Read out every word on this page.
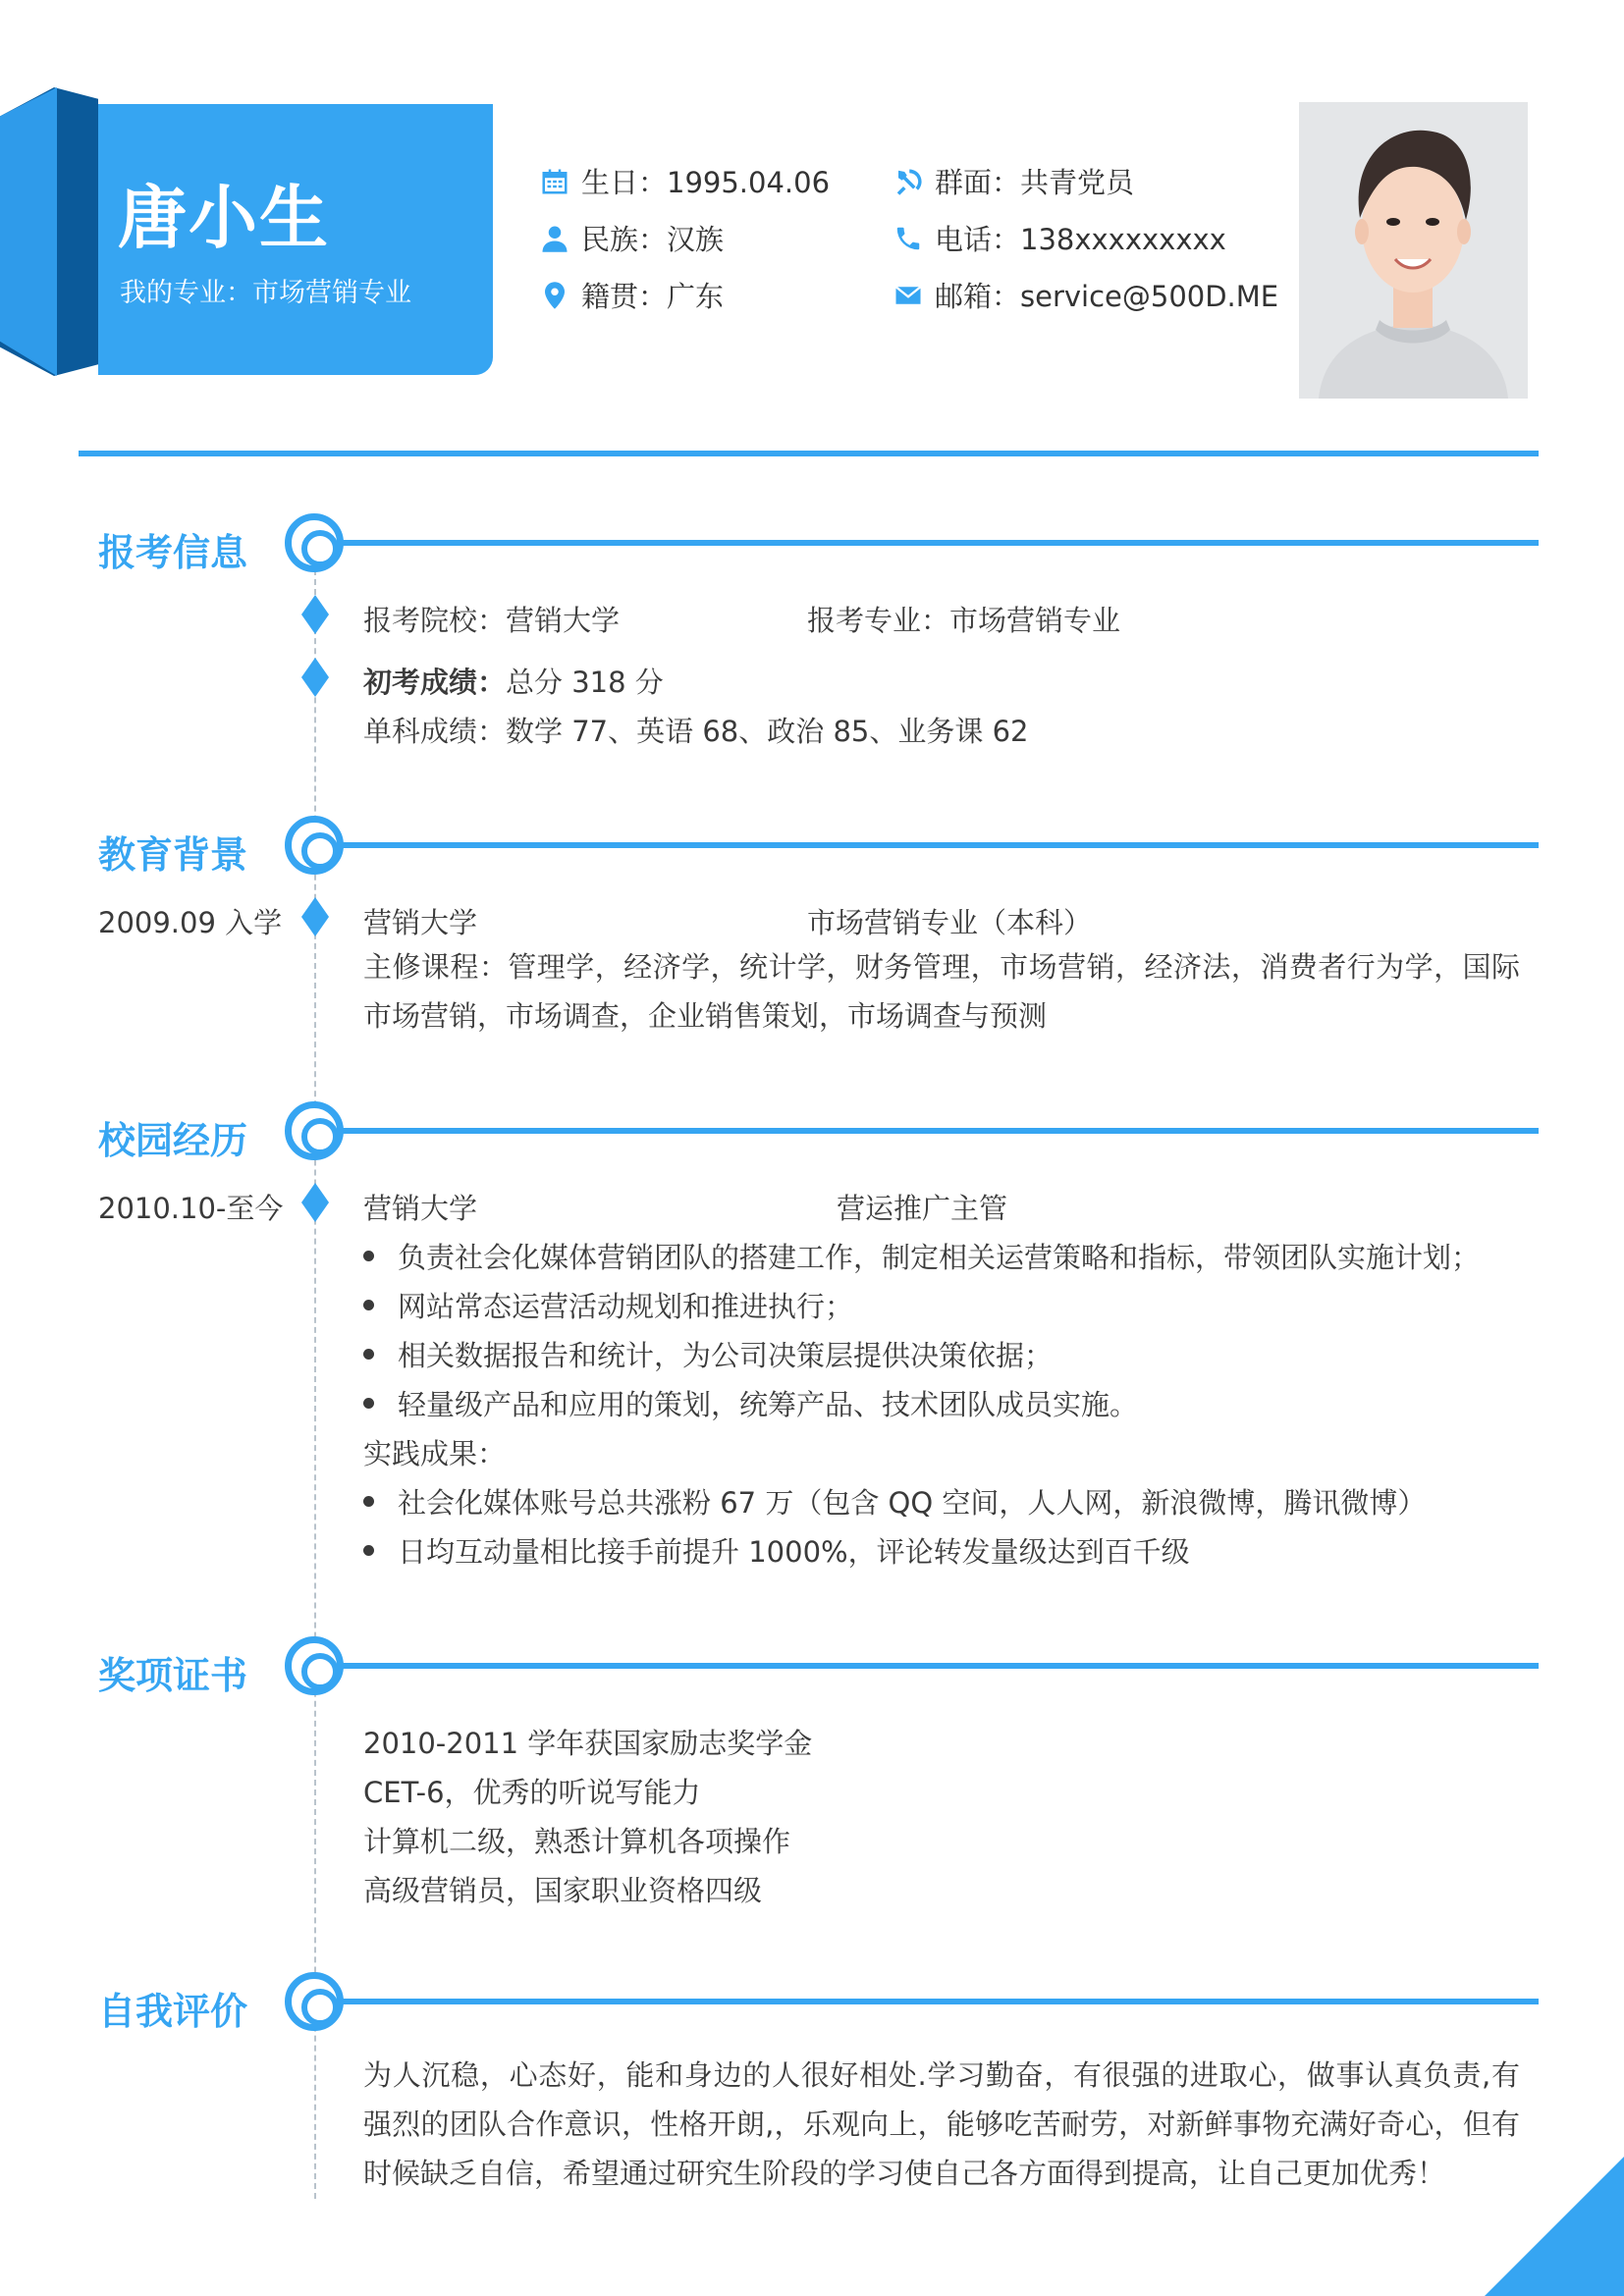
唐小生
我的专业：市场营销专业
生日：1995.04.06
民族：汉族
籍贯：广东
群面：共青党员
电话：138xxxxxxxxx
邮箱：service@500D.ME
报考信息
报考院校：营销大学	报考专业：市场营销专业
初考成绩：总分 318 分
单科成绩：数学 77、英语 68、政治 85、业务课 62
教育背景
2009.09 入学	营销大学	市场营销专业（本科）
主修课程：管理学，经济学，统计学，财务管理，市场营销，经济法，消费者行为学，国际市场营销，市场调查，企业销售策划，市场调查与预测
校园经历
2010.10-至今	营销大学	营运推广主管
负责社会化媒体营销团队的搭建工作，制定相关运营策略和指标，带领团队实施计划；
网站常态运营活动规划和推进执行；
相关数据报告和统计，为公司决策层提供决策依据；
轻量级产品和应用的策划，统筹产品、技术团队成员实施。
实践成果：
社会化媒体账号总共涨粉 67 万（包含 QQ 空间，人人网，新浪微博，腾讯微博）
日均互动量相比接手前提升 1000%，评论转发量级达到百千级
奖项证书
2010-2011 学年获国家励志奖学金
CET-6，优秀的听说写能力
计算机二级，熟悉计算机各项操作
高级营销员，国家职业资格四级
自我评价
为人沉稳，心态好，能和身边的人很好相处.学习勤奋，有很强的进取心，做事认真负责,有强烈的团队合作意识，性格开朗,，乐观向上，能够吃苦耐劳，对新鲜事物充满好奇心，但有时候缺乏自信，希望通过研究生阶段的学习使自己各方面得到提高，让自己更加优秀！
